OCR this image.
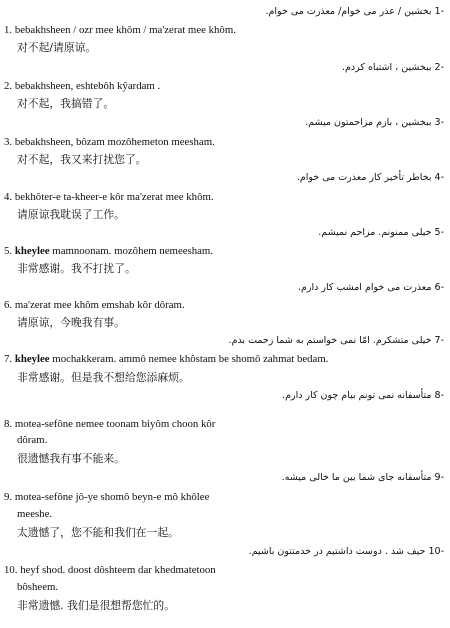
-1 بخشین / عذر می خوام/ معذرت می خوام.
1. bebakhsheen / ozr mee khôm / ma'zerat mee khôm.
对不起/请原谅。
-2 ببخشین ، اشتباه کردم.
2. bebakhsheen, eshtebôh kŷardam .
对不起，我搞错了。
-3 ببخشین ، بازم مزاحمتون میشم.
3. bebakhsheen, bôzam mozôhemeton meesham.
对不起，我又来打扰您了。
-4 بخاطر تأخیر کار معذرت می خوام.
4. bekhôter-e ta-kheer-e kôr ma'zerat mee khôm.
请原谅我耽误了工作。
-5 خیلی ممنونم. مزاحم نمیشم.
5. kheylee mamnoonam. mozôhem nemeesham.
非常感谢。我不打扰了。
-6 معذرت می خوام امشب کار دارم.
6. ma'zerat mee khôm emshab kôr dôram.
请原谅，今晚我有事。
-7 خیلی متشکرم. امّا نمی خواستم به شما زحمت بدم.
7. kheylee mochakkeram. ammô nemee khôstam be shomô zahmat bedam.
非常感谢。但是我不想给您添麻烦。
-8 متأسفانه نمی تونم بیام چون کار دارم.
8. motea-sefône nemee toonam biyôm choon kôr
dôram.
很遗憾我有事不能来。
-9 متأسفانه جای شما بین ما خالی میشه.
9. motea-sefône jô-ye shomô beyn-e mô khôlee
meeshe.
太遗憾了，您不能和我们在一起。
-10 حیف شد . دوست داشتیم در خدمتتون باشیم.
10. heyf shod. doost dôshteem dar khedmatetoon
bôsheem.
非常遗憾. 我们是很想帮您忙的。
